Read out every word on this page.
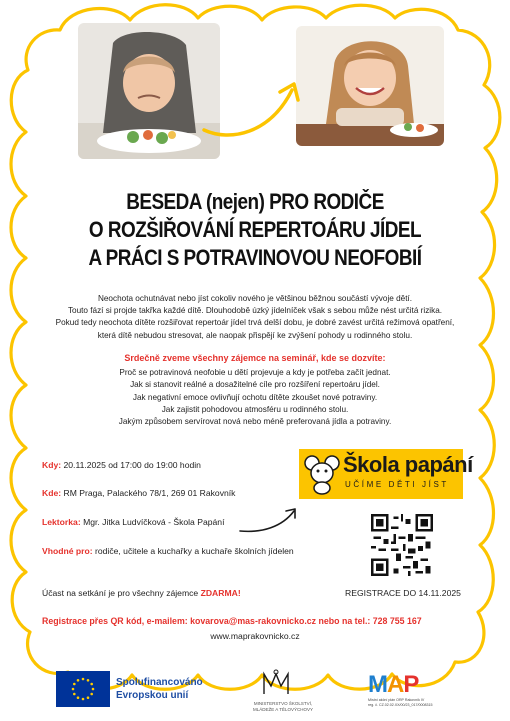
BESEDA (nejen) PRO RODIČE
O ROZŠIŘOVÁNÍ REPERTOÁRU JÍDEL
A PRÁCI S POTRAVINOVOU NEOFOBIÍ
Neochota ochutnávat nebo jíst cokoliv nového je většinou běžnou součástí vývoje dětí.
Touto fází si projde takřka každé dítě. Dlouhodobě úzký jídelníček však s sebou může nést určitá rizika.
Pokud tedy neochota dítěte rozšiřovat repertoár jídel trvá delší dobu, je dobré zavést určitá režimová opatření,
která dítě nebudou stresovat, ale naopak přispějí ke zvýšení pohody u rodinného stolu.
Srdečně zveme všechny zájemce na seminář, kde se dozvíte:
Proč se potravinová neofobie u dětí projevuje a kdy je potřeba začít jednat.
Jak si stanovit reálné a dosažitelné cíle pro rozšíření repertoáru jídel.
Jak negativní emoce ovlivňují ochotu dítěte zkoušet nové potraviny.
Jak zajistit pohodovou atmosféru u rodinného stolu.
Jakým způsobem servírovat nová nebo méně preferovaná jídla a potraviny.
Kdy: 20.11.2025 od 17:00 do 19:00 hodin
Kde: RM Praga, Palackého 78/1, 269 01 Rakovník
Lektorka: Mgr. Jitka Ludvíčková - Škola Papání
Vhodné pro: rodiče, učitele a kuchařky a kuchaře školních jídelen
Škola papání
UČÍME DĚTI JÍST
Účast na setkání je pro všechny zájemce ZDARMA!	REGISTRACE DO 14.11.2025
Registrace přes QR kód, e-mailem: kovarova@mas-rakovnicko.cz nebo na tel.: 728 755 167
www.maprakovnicko.cz
Spolufinancováno
Evropskou unií
MINISTERSTVO ŠKOLSTVÍ,
MLÁDEŽE A TĚLOVÝCHOVY
MAP
Místní akční plán ORP Rakovník IV
reg. č. CZ.02.02.XX/00/23_017/0008315
